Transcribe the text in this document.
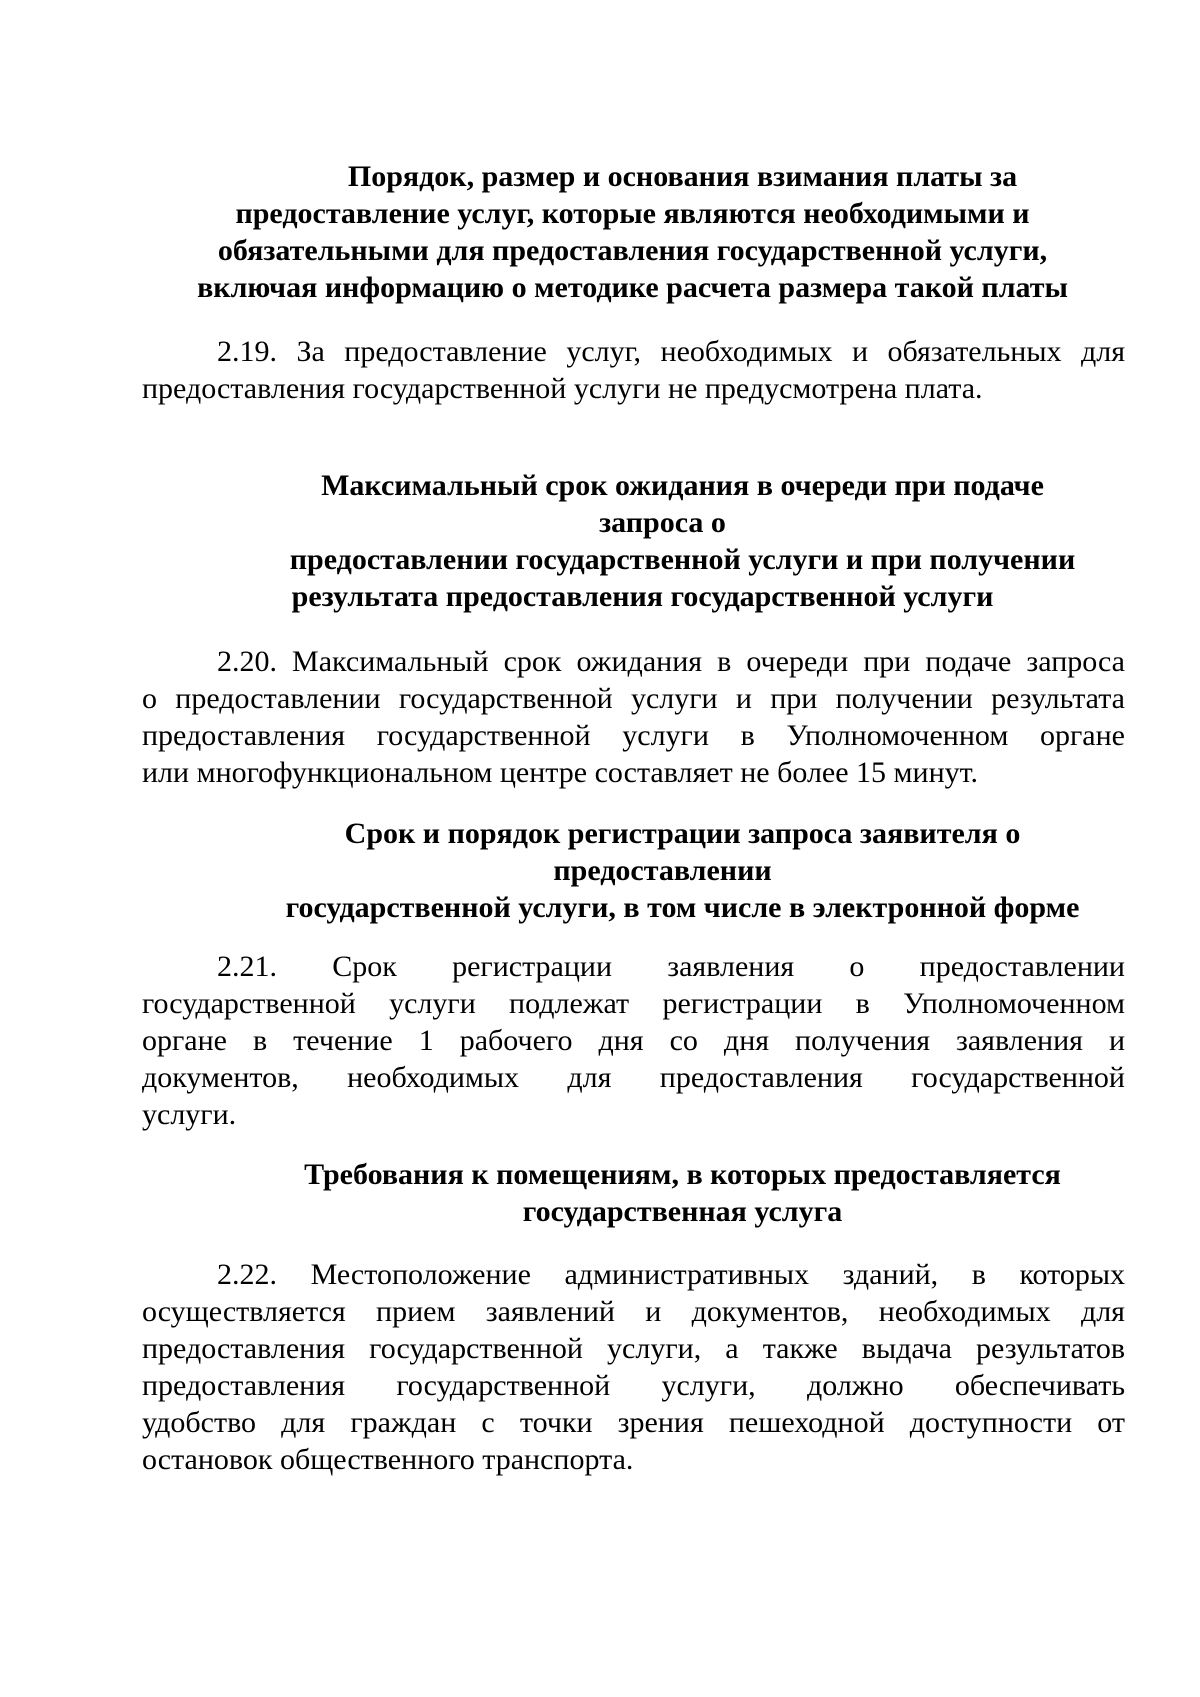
Порядок, размер и основания взимания платы за
предоставление услуг, которые являются необходимыми и
обязательными для предоставления государственной услуги,
включая информацию о методике расчета размера такой платы
2.19. За предоставление услуг, необходимых и обязательных для
предоставления государственной услуги не предусмотрена плата.
Максимальный срок ожидания в очереди при подаче
запроса о
предоставлении государственной услуги и при получении
результата предоставления государственной услуги
2.20. Максимальный срок ожидания в очереди при подаче запроса
о предоставлении государственной услуги и при получении результата
предоставления государственной услуги в Уполномоченном органе
или многофункциональном центре составляет не более 15 минут.
Срок и порядок регистрации запроса заявителя о
предоставлении
государственной услуги, в том числе в электронной форме
2.21. Срок регистрации заявления о предоставлении
государственной услуги подлежат регистрации в Уполномоченном
органе в течение 1 рабочего дня со дня получения заявления и
документов, необходимых для предоставления государственной
услуги.
Требования к помещениям, в которых предоставляется
государственная услуга
2.22. Местоположение административных зданий, в которых
осуществляется прием заявлений и документов, необходимых для
предоставления государственной услуги, а также выдача результатов
предоставления государственной услуги, должно обеспечивать
удобство для граждан с точки зрения пешеходной доступности от
остановок общественного транспорта.
